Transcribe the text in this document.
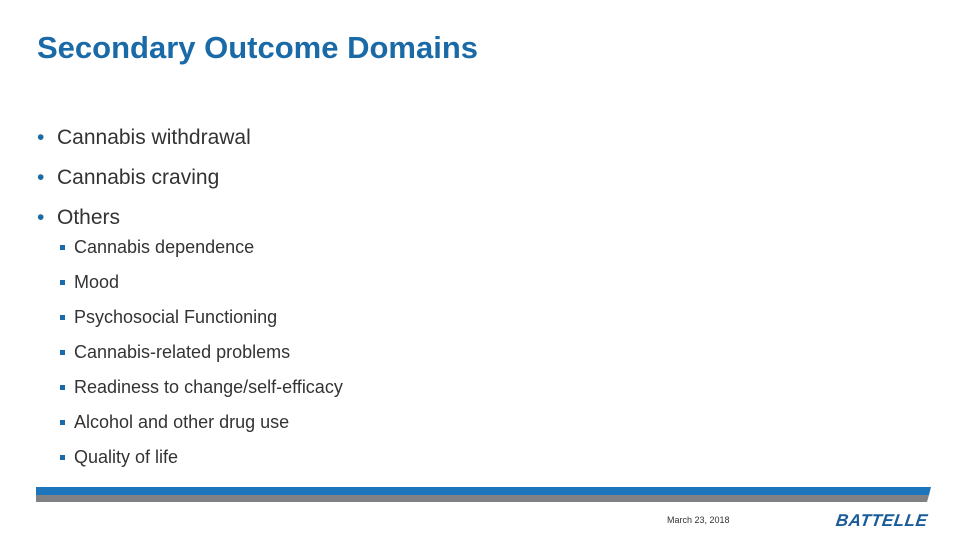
Secondary Outcome Domains
• Cannabis withdrawal
• Cannabis craving
• Others
Cannabis dependence
Mood
Psychosocial Functioning
Cannabis-related problems
Readiness to change/self-efficacy
Alcohol and other drug use
Quality of life
March 23, 2018	BATTELLE
